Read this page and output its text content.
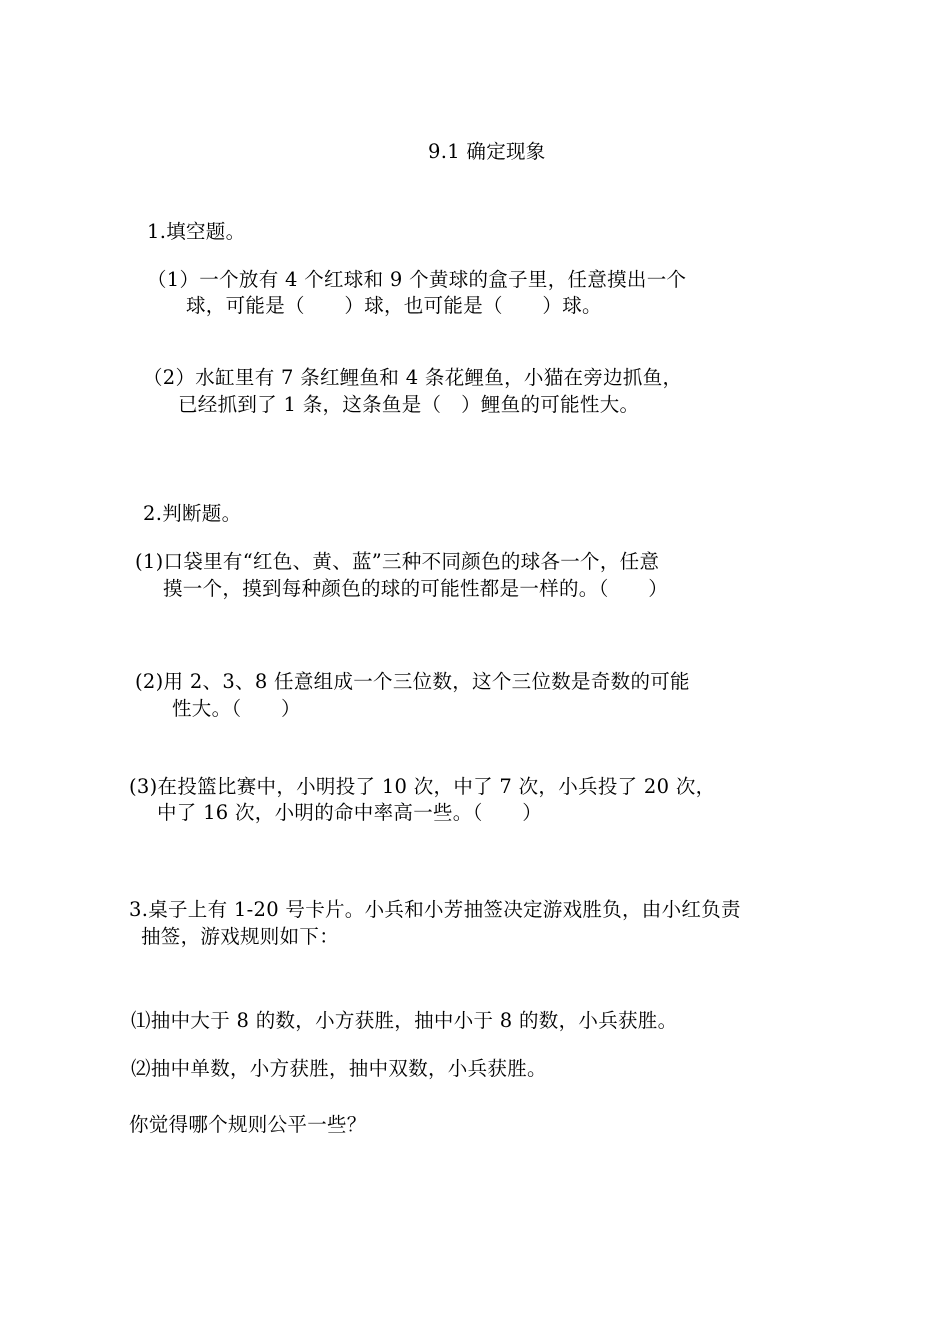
9.1 确定现象
1.填空题。
（1）一个放有 4 个红球和 9 个黄球的盒子里，任意摸出一个
球，可能是（　　）球，也可能是（　　）球。
（2）水缸里有 7 条红鲤鱼和 4 条花鲤鱼，小猫在旁边抓鱼，
已经抓到了 1 条，这条鱼是（　）鲤鱼的可能性大。
2.判断题。
(1)口袋里有“红色、黄、蓝”三种不同颜色的球各一个，任意
摸一个，摸到每种颜色的球的可能性都是一样的。（　　）
(2)用 2、3、8 任意组成一个三位数，这个三位数是奇数的可能
性大。（　　）
(3)在投篮比赛中，小明投了 10 次，中了 7 次，小兵投了 20 次，
中了 16 次，小明的命中率高一些。（　　）
3.桌子上有 1-20 号卡片。小兵和小芳抽签决定游戏胜负，由小红负责
抽签，游戏规则如下：
⑴抽中大于 8 的数，小方获胜，抽中小于 8 的数，小兵获胜。
⑵抽中单数，小方获胜，抽中双数，小兵获胜。
你觉得哪个规则公平一些？
